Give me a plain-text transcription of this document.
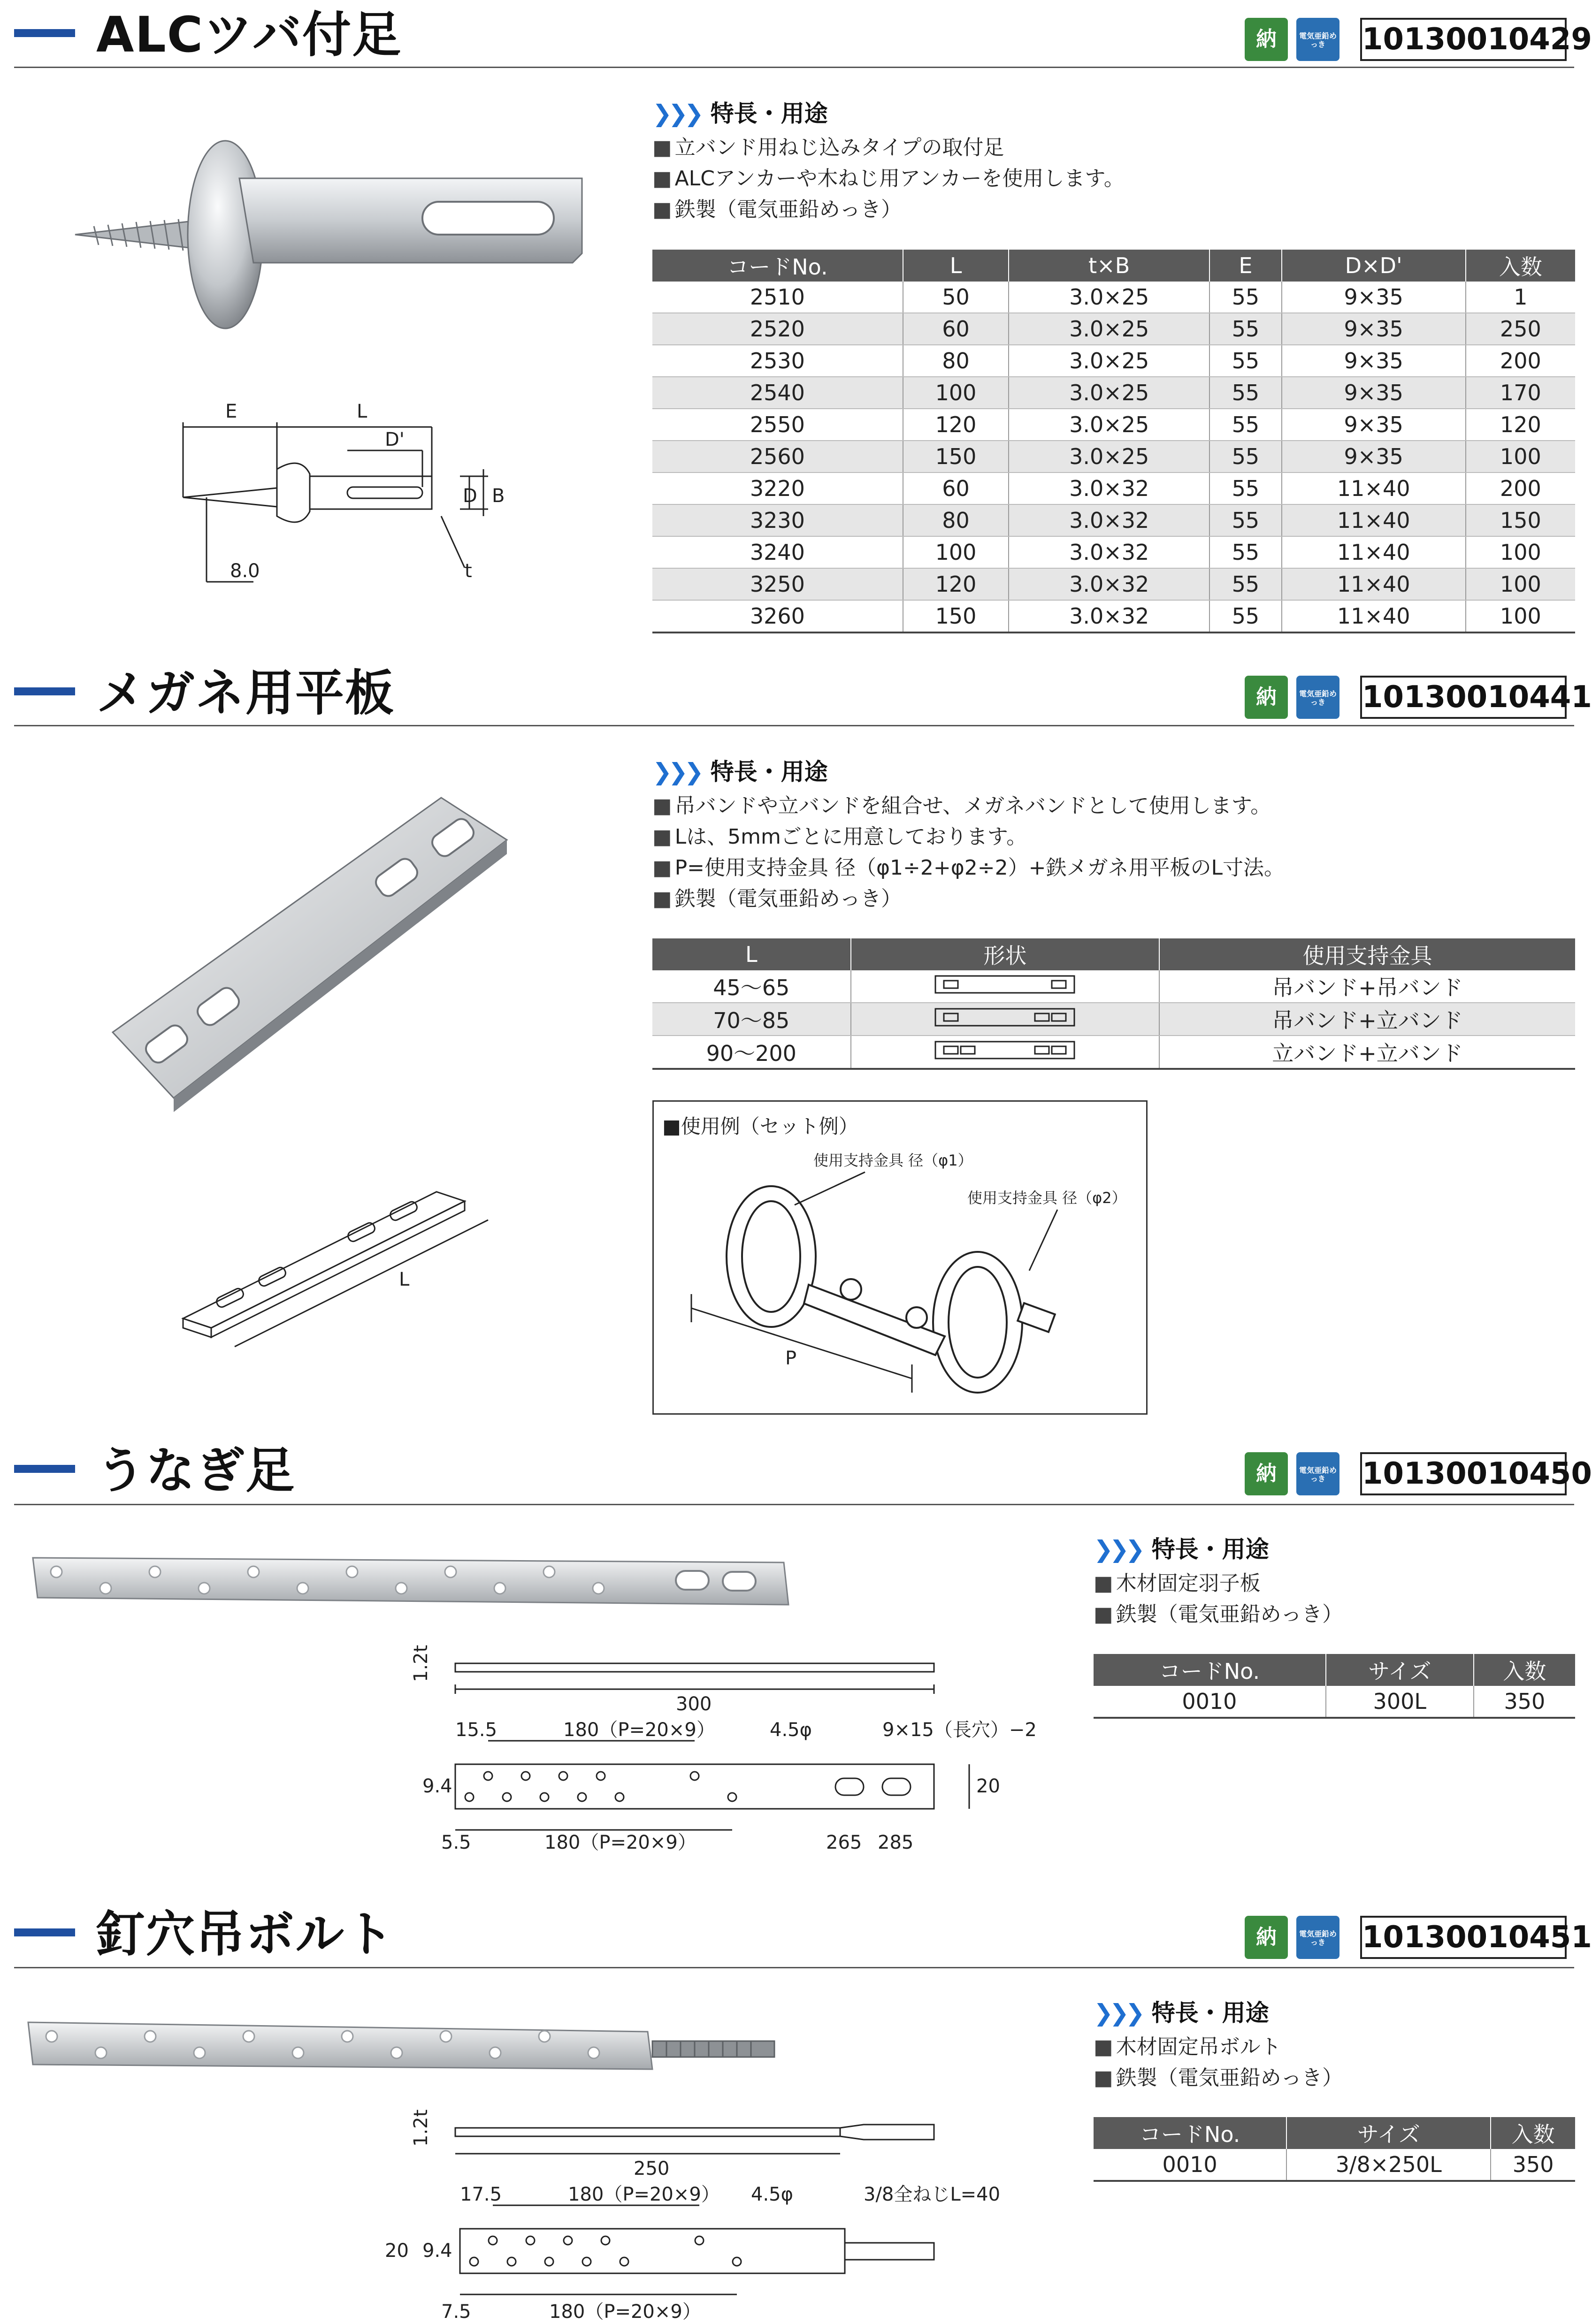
ALCツバ付足	納	電気亜鉛めっき	10130010429
E	L
D'
D B
t
8.0
❯❯❯ 特長・用途
■ 立バンド用ねじ込みタイプの取付足
■ ALCアンカーや木ねじ用アンカーを使用します。
■ 鉄製（電気亜鉛めっき）
コードNo.	L	t×B	E	D×D'	入数
2510	50	3.0×25	55	9×35	1
2520	60	3.0×25	55	9×35	250
2530	80	3.0×25	55	9×35	200
2540	100	3.0×25	55	9×35	170
2550	120	3.0×25	55	9×35	120
2560	150	3.0×25	55	9×35	100
3220	60	3.0×32	55	11×40	200
3230	80	3.0×32	55	11×40	150
3240	100	3.0×32	55	11×40	100
3250	120	3.0×32	55	11×40	100
3260	150	3.0×32	55	11×40	100
メガネ用平板	納	電気亜鉛めっき	10130010441
L
❯❯❯ 特長・用途
■ 吊バンドや立バンドを組合せ、メガネバンドとして使用します。
■ Lは、5mmごとに用意しております。
■ P=使用支持金具 径（φ1÷2+φ2÷2）+鉄メガネ用平板のL寸法。
■ 鉄製（電気亜鉛めっき）
L	形状	使用支持金具
45〜65		吊バンド+吊バンド
70〜85		吊バンド+立バンド
90〜200		立バンド+立バンド
■使用例（セット例）
使用支持金具 径（φ1）
使用支持金具 径（φ2）
P
うなぎ足	納	電気亜鉛めっき	10130010450
1.2t
300
15.5	180（P=20×9）	4.5φ	9×15（長穴）−2
9.4	20
5.5	180（P=20×9）	265 285
❯❯❯ 特長・用途
■ 木材固定羽子板
■ 鉄製（電気亜鉛めっき）
コードNo.	サイズ	入数
0010	300L	350
釘穴吊ボルト	納	電気亜鉛めっき	10130010451
1.2t
250
17.5	180（P=20×9） 4.5φ	3/8全ねじL=40
9.4
20
7.5	180（P=20×9）
❯❯❯ 特長・用途
■ 木材固定吊ボルト
■ 鉄製（電気亜鉛めっき）
コードNo.	サイズ	入数
0010	3/8×250L	350
